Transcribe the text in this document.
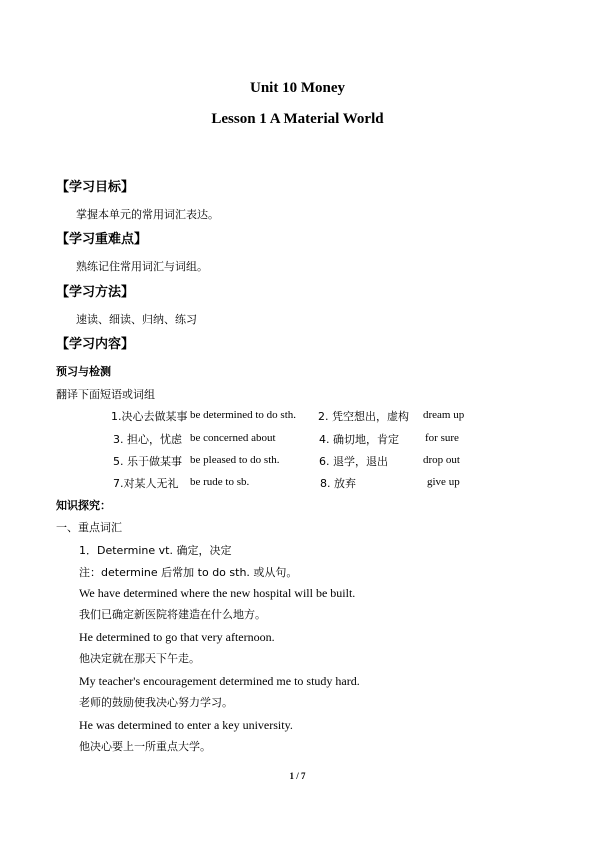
Unit 10 Money
Lesson 1 A Material World
【学习目标】
掌握本单元的常用词汇表达。
【学习重难点】
熟练记住常用词汇与词组。
【学习方法】
速读、细读、归纳、练习
【学习内容】
预习与检测
翻译下面短语或词组
1.决心去做某事 be determined to do sth. 2. 凭空想出，虚构 dream up
3. 担心，忧虑 be concerned about	4. 确切地，肯定 for sure
5. 乐于做某事 be pleased to do sth.	6. 退学，退出	drop out
7.对某人无礼 be rude to sb.	8. 放弃	give up
知识探究：
一、重点词汇
1．Determine vt. 确定，决定
注：determine 后常加 to do sth. 或从句。
We have determined where the new hospital will be built.
我们已确定新医院将建造在什么地方。
He determined to go that very afternoon.
他决定就在那天下午走。
My teacher's encouragement determined me to study hard.
老师的鼓励使我决心努力学习。
He was determined to enter a key university.
他决心要上一所重点大学。
1 / 7
